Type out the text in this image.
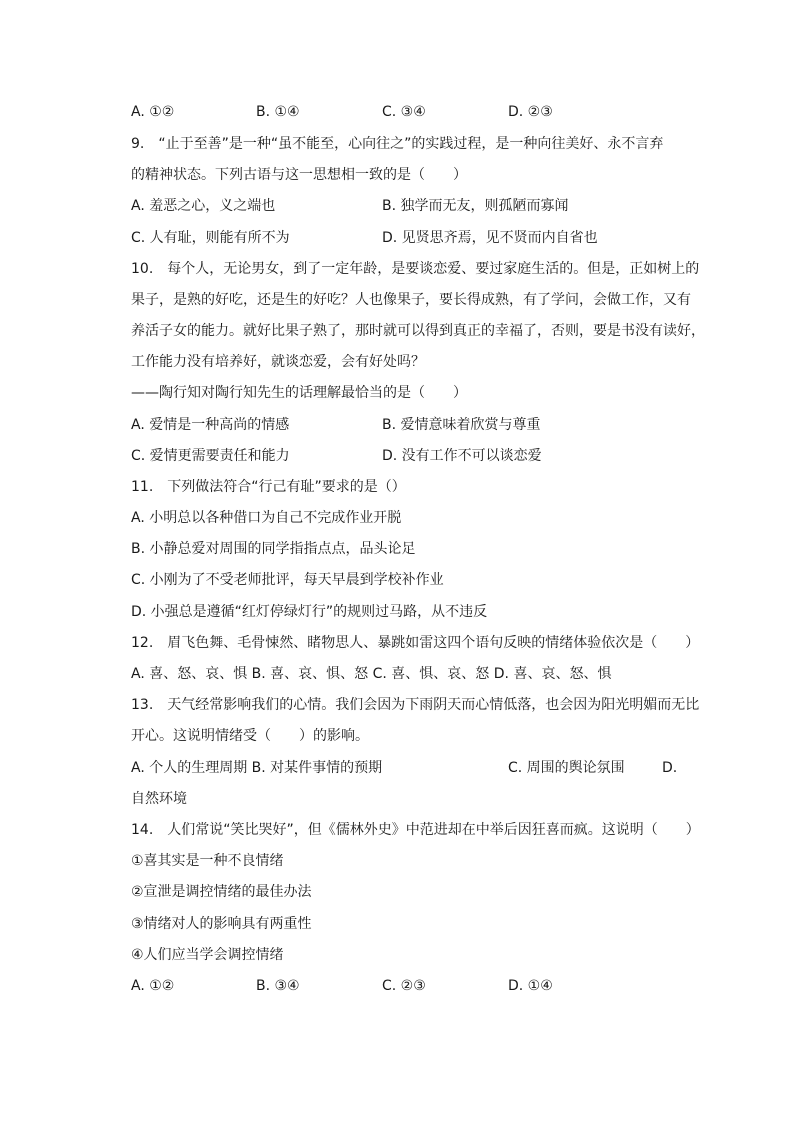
A. ①②	B. ①④	C. ③④	D. ②③
9.　“止于至善”是一种“虽不能至，心向往之”的实践过程，是一种向往美好、永不言弃
的精神状态。下列古语与这一思想相一致的是（　　）
A. 羞恶之心，义之端也	B. 独学而无友，则孤陋而寡闻
C. 人有耻，则能有所不为	D. 见贤思齐焉，见不贤而内自省也
10.　每个人，无论男女，到了一定年龄，是要谈恋爱、要过家庭生活的。但是，正如树上的
果子，是熟的好吃，还是生的好吃？人也像果子，要长得成熟，有了学问，会做工作，又有
养活子女的能力。就好比果子熟了，那时就可以得到真正的幸福了，否则，要是书没有读好，
工作能力没有培养好，就谈恋爱，会有好处吗？
——陶行知对陶行知先生的话理解最恰当的是（　　）
A. 爱情是一种高尚的情感	B. 爱情意味着欣赏与尊重
C. 爱情更需要责任和能力	D. 没有工作不可以谈恋爱
11.　下列做法符合“行己有耻”要求的是（）
A. 小明总以各种借口为自己不完成作业开脱
B. 小静总爱对周围的同学指指点点，品头论足
C. 小刚为了不受老师批评，每天早晨到学校补作业
D. 小强总是遵循“红灯停绿灯行”的规则过马路，从不违反
12.　眉飞色舞、毛骨悚然、睹物思人、暴跳如雷这四个语句反映的情绪体验依次是（　　）
A. 喜、怒、哀、惧 B. 喜、哀、惧、怒 C. 喜、惧、哀、怒 D. 喜、哀、怒、惧
13.　天气经常影响我们的心情。我们会因为下雨阴天而心情低落，也会因为阳光明媚而无比
开心。这说明情绪受（　　）的影响。
A. 个人的生理周期 B. 对某件事情的预期	C. 周围的舆论氛围	D.
自然环境
14.　人们常说“笑比哭好”，但《儒林外史》中范进却在中举后因狂喜而疯。这说明（　　）
①喜其实是一种不良情绪
②宣泄是调控情绪的最佳办法
③情绪对人的影响具有两重性
④人们应当学会调控情绪
A. ①②	B. ③④	C. ②③	D. ①④
